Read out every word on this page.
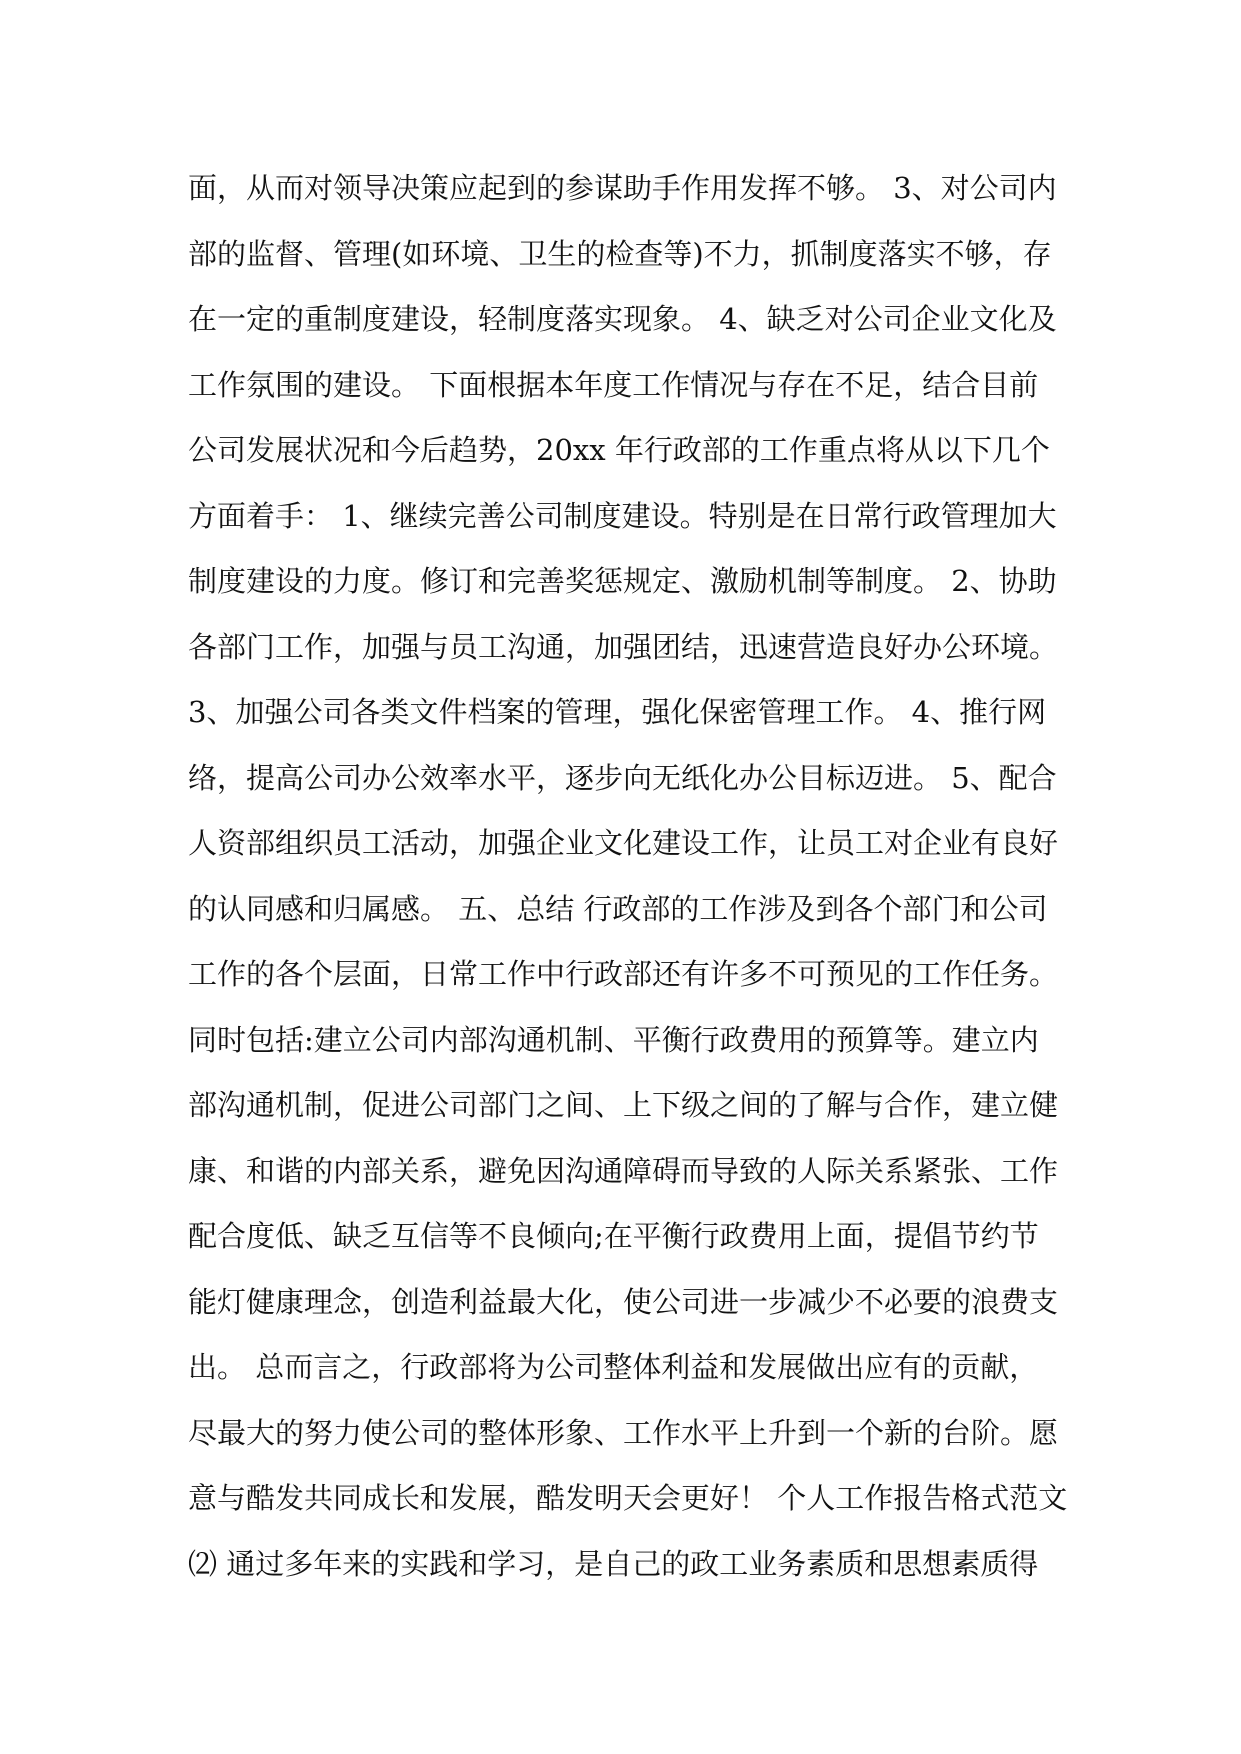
面，从而对领导决策应起到的参谋助手作用发挥不够。 3、对公司内
部的监督、管理(如环境、卫生的检查等)不力，抓制度落实不够，存
在一定的重制度建设，轻制度落实现象。 4、缺乏对公司企业文化及
工作氛围的建设。 下面根据本年度工作情况与存在不足，结合目前
公司发展状况和今后趋势，20xx 年行政部的工作重点将从以下几个
方面着手： 1、继续完善公司制度建设。特别是在日常行政管理加大
制度建设的力度。修订和完善奖惩规定、激励机制等制度。 2、协助
各部门工作，加强与员工沟通，加强团结，迅速营造良好办公环境。
3、加强公司各类文件档案的管理，强化保密管理工作。 4、推行网
络，提高公司办公效率水平，逐步向无纸化办公目标迈进。 5、配合
人资部组织员工活动，加强企业文化建设工作，让员工对企业有良好
的认同感和归属感。 五、总结 行政部的工作涉及到各个部门和公司
工作的各个层面，日常工作中行政部还有许多不可预见的工作任务。
同时包括:建立公司内部沟通机制、平衡行政费用的预算等。建立内
部沟通机制，促进公司部门之间、上下级之间的了解与合作，建立健
康、和谐的内部关系，避免因沟通障碍而导致的人际关系紧张、工作
配合度低、缺乏互信等不良倾向;在平衡行政费用上面，提倡节约节
能灯健康理念，创造利益最大化，使公司进一步减少不必要的浪费支
出。 总而言之，行政部将为公司整体利益和发展做出应有的贡献，
尽最大的努力使公司的整体形象、工作水平上升到一个新的台阶。愿
意与酷发共同成长和发展，酷发明天会更好！ 个人工作报告格式范文
⑵ 通过多年来的实践和学习，是自己的政工业务素质和思想素质得
